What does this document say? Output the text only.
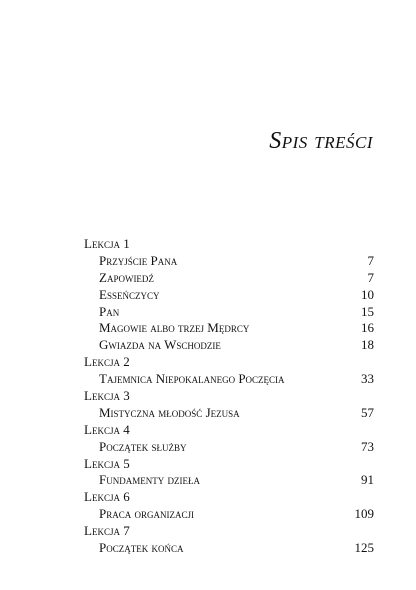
Spis treści
Lekcja 1
Przyjście Pana	7
Zapowiedź	7
Esseńczycy	10
Pan	15
Magowie albo trzej Mędrcy	16
Gwiazda na Wschodzie	18
Lekcja 2
Tajemnica Niepokalanego Poczęcia	33
Lekcja 3
Mistyczna młodość Jezusa	57
Lekcja 4
Początek służby	73
Lekcja 5
Fundamenty dzieła	91
Lekcja 6
Praca organizacji	109
Lekcja 7
Początek końca	125
